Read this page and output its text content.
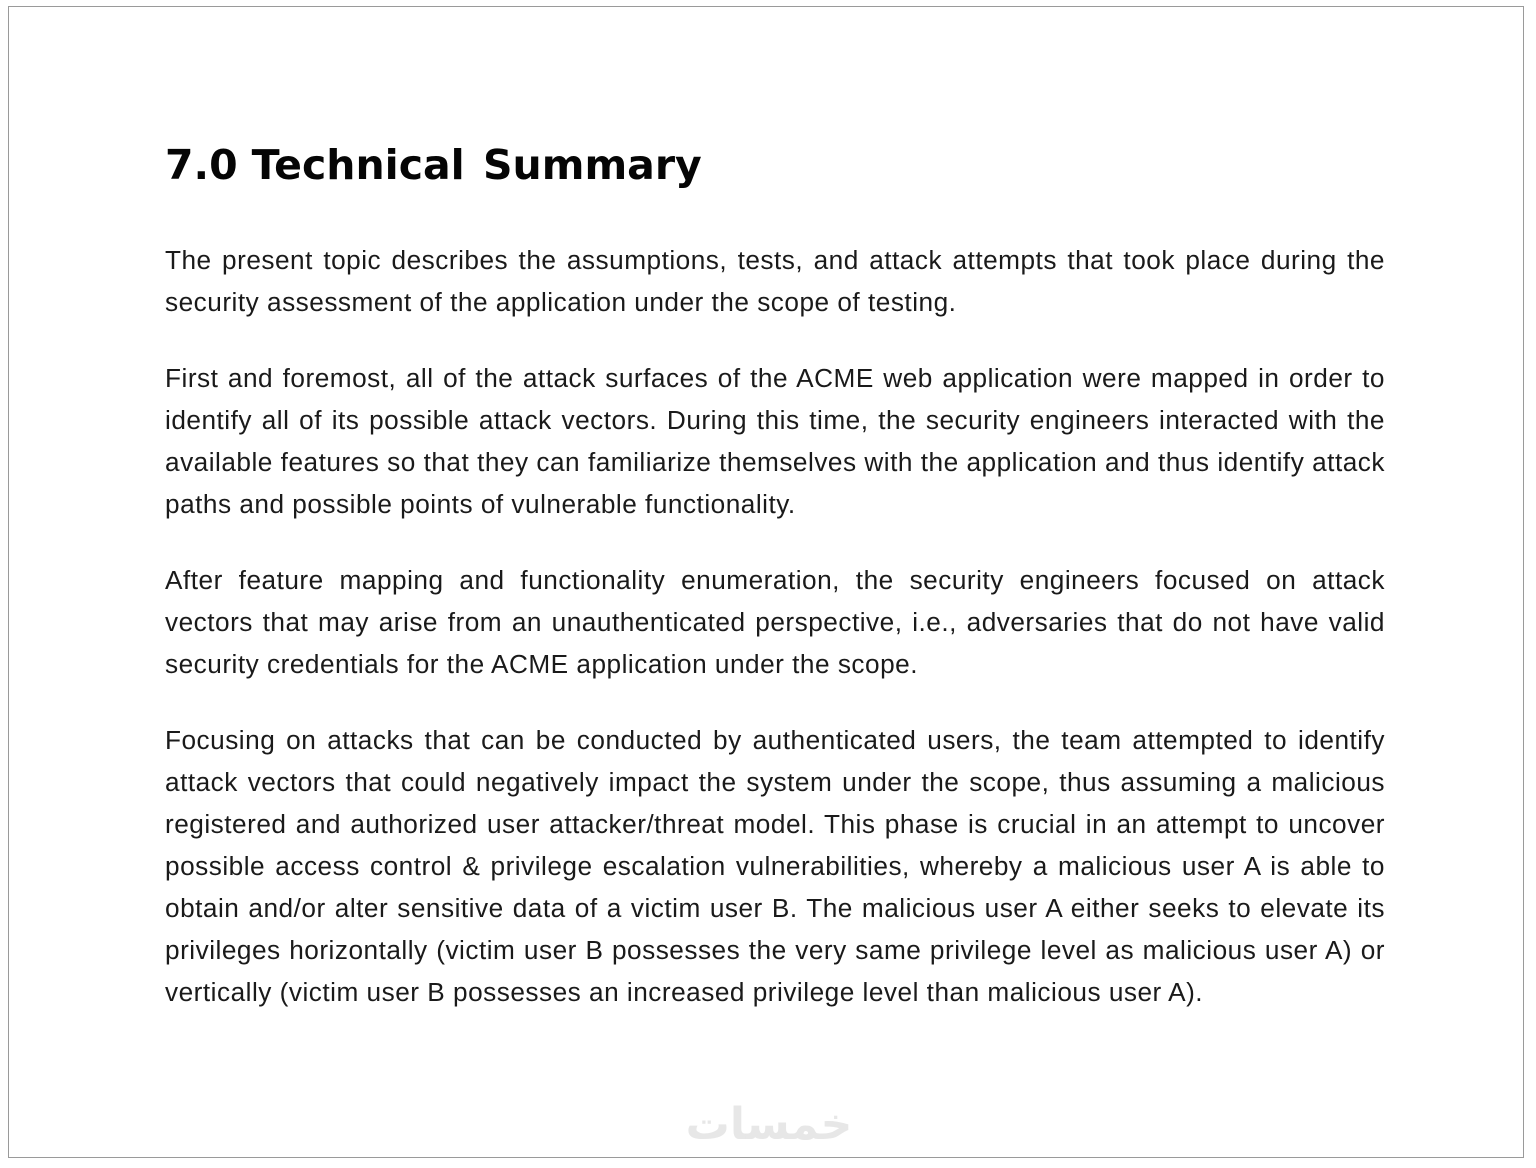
7.0 Technical Summary

The present topic describes the assumptions, tests, and attack attempts that took place during the security assessment of the application under the scope of testing.

First and foremost, all of the attack surfaces of the ACME web application were mapped in order to identify all of its possible attack vectors. During this time, the security engineers interacted with the available features so that they can familiarize themselves with the application and thus identify attack paths and possible points of vulnerable functionality.

After feature mapping and functionality enumeration, the security engineers focused on attack vectors that may arise from an unauthenticated perspective, i.e., adversaries that do not have valid security credentials for the ACME application under the scope.

Focusing on attacks that can be conducted by authenticated users, the team attempted to identify attack vectors that could negatively impact the system under the scope, thus assuming a malicious registered and authorized user attacker/threat model. This phase is crucial in an attempt to uncover possible access control & privilege escalation vulnerabilities, whereby a malicious user A is able to obtain and/or alter sensitive data of a victim user B. The malicious user A either seeks to elevate its privileges horizontally (victim user B possesses the very same privilege level as malicious user A) or vertically (victim user B possesses an increased privilege level than malicious user A).

خمسات
